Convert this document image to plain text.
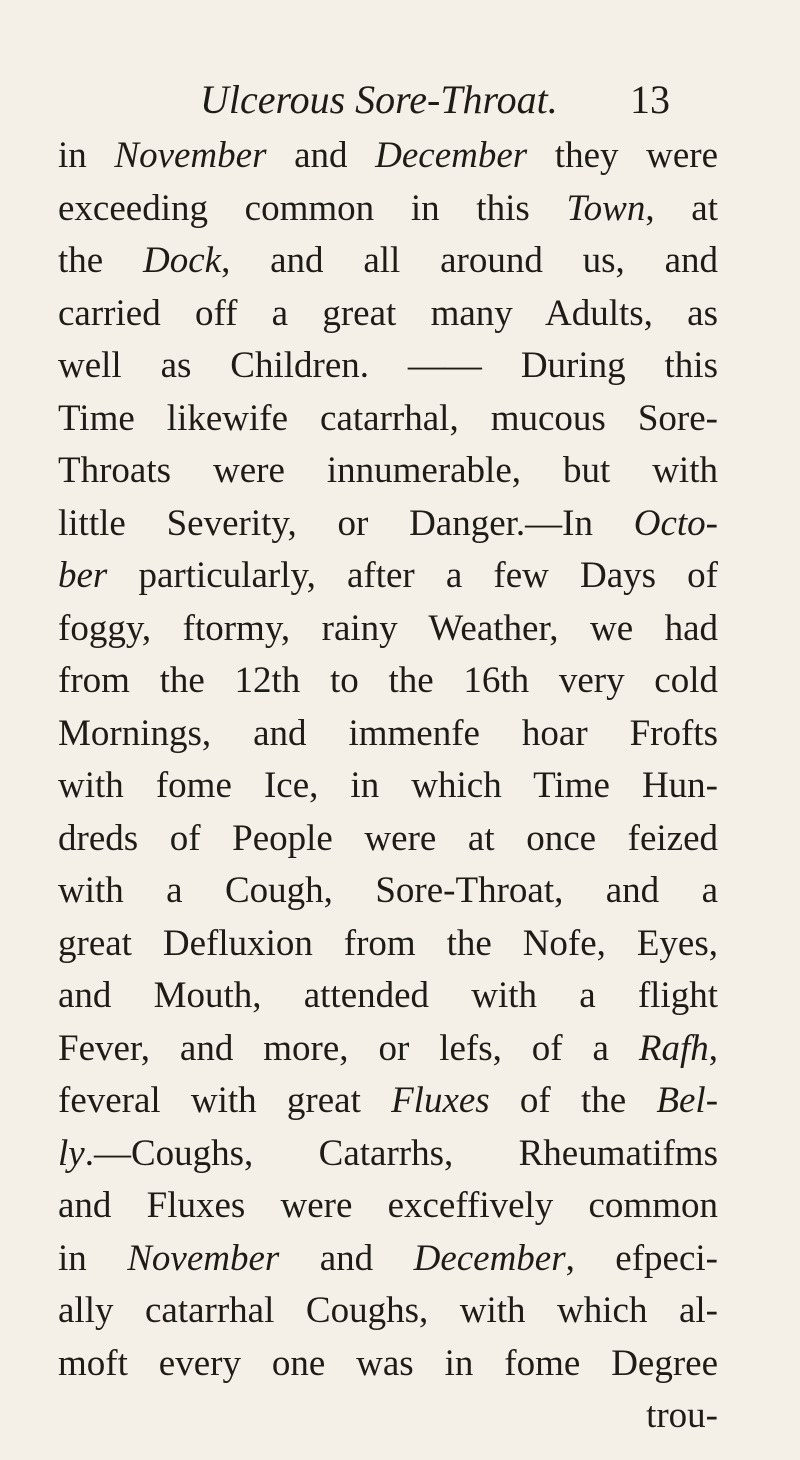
Ulcerous Sore-Throat. 13
in November and December they were
exceeding common in this Town, at
the Dock, and all around us, and
carried off a great many Adults, as
well as Children. —— During this
Time likewife catarrhal, mucous Sore-
Throats were innumerable, but with
little Severity, or Danger.—In Octo-
ber particularly, after a few Days of
foggy, ftormy, rainy Weather, we had
from the 12th to the 16th very cold
Mornings, and immenfe hoar Frofts
with fome Ice, in which Time Hun-
dreds of People were at once feized
with a Cough, Sore-Throat, and a
great Defluxion from the Nofe, Eyes,
and Mouth, attended with a flight
Fever, and more, or lefs, of a Rafh,
feveral with great Fluxes of the Bel-
ly.—Coughs, Catarrhs, Rheumatifms
and Fluxes were exceffively common
in November and December, efpeci-
ally catarrhal Coughs, with which al-
moft every one was in fome Degree
trou-
